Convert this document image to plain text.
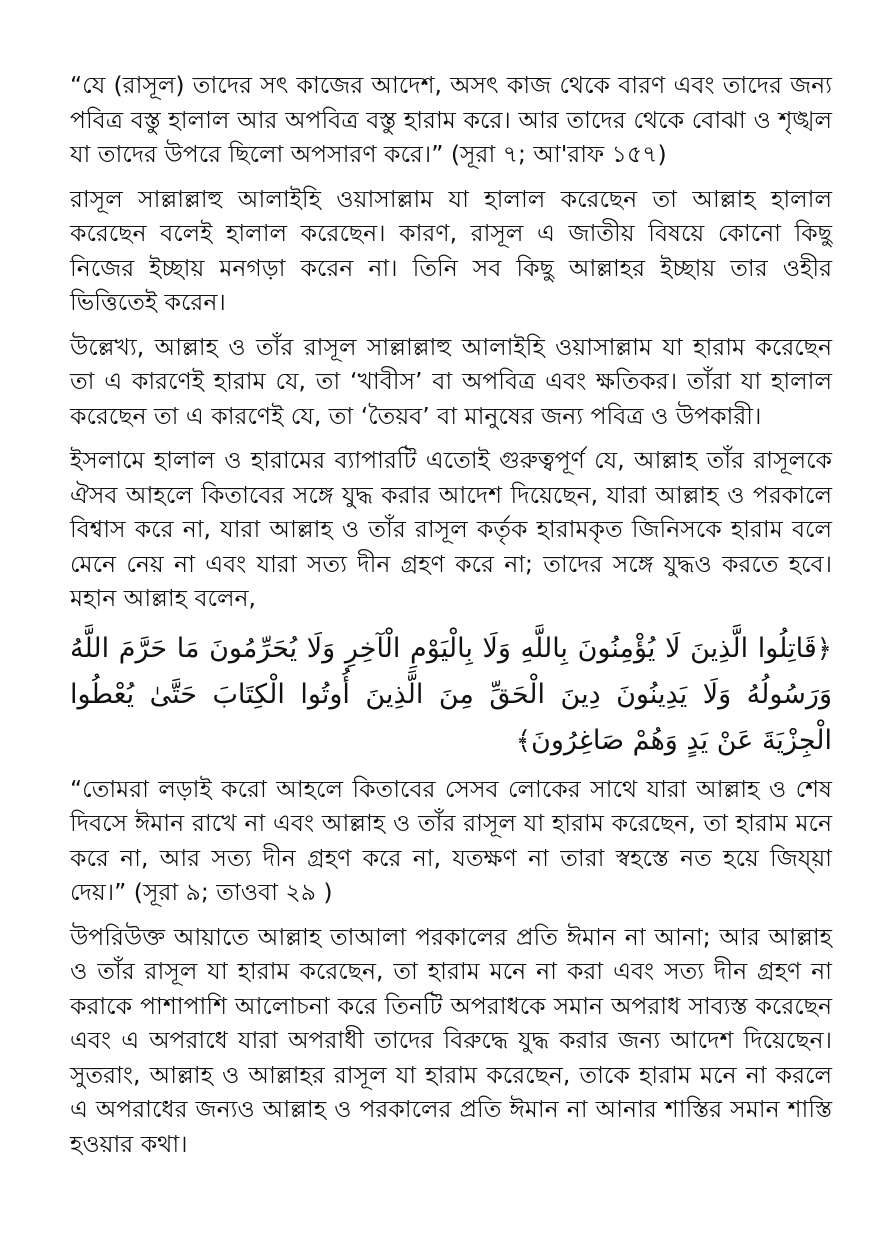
“যে (রাসূল) তাদের সৎ কাজের আদেশ, অসৎ কাজ থেকে বারণ এবং তাদের জন্য পবিত্র বস্তু হালাল আর অপবিত্র বস্তু হারাম করে। আর তাদের থেকে বোঝা ও শৃঙ্খল যা তাদের উপরে ছিলো অপসারণ করে।” (সূরা ৭; আ'রাফ ১৫৭)

রাসূল সাল্লাল্লাহু আলাইহি ওয়াসাল্লাম যা হালাল করেছেন তা আল্লাহ হালাল করেছেন বলেই হালাল করেছেন। কারণ, রাসূল এ জাতীয় বিষয়ে কোনো কিছু নিজের ইচ্ছায় মনগড়া করেন না। তিনি সব কিছু আল্লাহর ইচ্ছায় তার ওহীর ভিত্তিতেই করেন।

উল্লেখ্য, আল্লাহ ও তাঁর রাসূল সাল্লাল্লাহু আলাইহি ওয়াসাল্লাম যা হারাম করেছেন তা এ কারণেই হারাম যে, তা ‘খাবীস’ বা অপবিত্র এবং ক্ষতিকর। তাঁরা যা হালাল করেছেন তা এ কারণেই যে, তা ‘তৈয়ব’ বা মানুষের জন্য পবিত্র ও উপকারী।

ইসলামে হালাল ও হারামের ব্যাপারটি এতোই গুরুত্বপূর্ণ যে, আল্লাহ তাঁর রাসূলকে ঐসব আহলে কিতাবের সঙ্গে যুদ্ধ করার আদেশ দিয়েছেন, যারা আল্লাহ ও পরকালে বিশ্বাস করে না, যারা আল্লাহ ও তাঁর রাসূল কর্তৃক হারামকৃত জিনিসকে হারাম বলে মেনে নেয় না এবং যারা সত্য দীন গ্রহণ করে না; তাদের সঙ্গে যুদ্ধও করতে হবে। মহান আল্লাহ বলেন,

﴿قَاتِلُوا الَّذِينَ لَا يُؤْمِنُونَ بِاللَّهِ وَلَا بِالْيَوْمِ الْآخِرِ وَلَا يُحَرِّمُونَ مَا حَرَّمَ اللَّهُ وَرَسُولُهُ وَلَا يَدِينُونَ دِينَ الْحَقِّ مِنَ الَّذِينَ أُوتُوا الْكِتَابَ حَتَّىٰ يُعْطُوا الْجِزْيَةَ عَنْ يَدٍ وَهُمْ صَاغِرُونَ﴾

“তোমরা লড়াই করো আহলে কিতাবের সেসব লোকের সাথে যারা আল্লাহ ও শেষ দিবসে ঈমান রাখে না এবং আল্লাহ ও তাঁর রাসূল যা হারাম করেছেন, তা হারাম মনে করে না, আর সত্য দীন গ্রহণ করে না, যতক্ষণ না তারা স্বহস্তে নত হয়ে জিয্য়া দেয়।” (সূরা ৯; তাওবা ২৯ )

উপরিউক্ত আয়াতে আল্লাহ তাআলা পরকালের প্রতি ঈমান না আনা; আর আল্লাহ ও তাঁর রাসূল যা হারাম করেছেন, তা হারাম মনে না করা এবং সত্য দীন গ্রহণ না করাকে পাশাপাশি আলোচনা করে তিনটি অপরাধকে সমান অপরাধ সাব্যস্ত করেছেন এবং এ অপরাধে যারা অপরাধী তাদের বিরুদ্ধে যুদ্ধ করার জন্য আদেশ দিয়েছেন। সুতরাং, আল্লাহ ও আল্লাহর রাসূল যা হারাম করেছেন, তাকে হারাম মনে না করলে এ অপরাধের জন্যও আল্লাহ ও পরকালের প্রতি ঈমান না আনার শাস্তির সমান শাস্তি হওয়ার কথা।
